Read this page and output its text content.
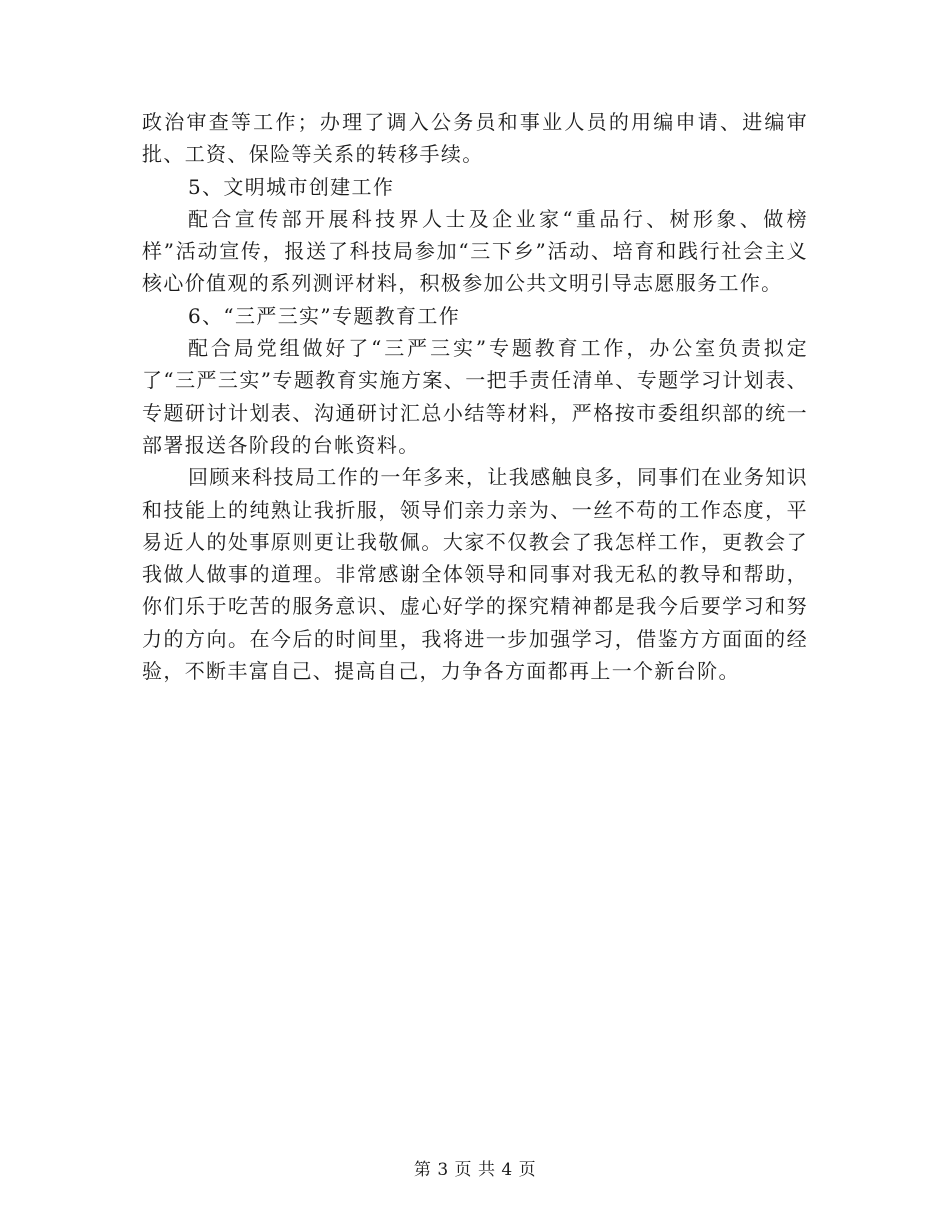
政治审查等工作；办理了调入公务员和事业人员的用编申请、进编审批、工资、保险等关系的转移手续。

5、文明城市创建工作

配合宣传部开展科技界人士及企业家“重品行、树形象、做榜样”活动宣传，报送了科技局参加“三下乡”活动、培育和践行社会主义核心价值观的系列测评材料，积极参加公共文明引导志愿服务工作。

6、“三严三实”专题教育工作

配合局党组做好了“三严三实”专题教育工作，办公室负责拟定了“三严三实”专题教育实施方案、一把手责任清单、专题学习计划表、专题研讨计划表、沟通研讨汇总小结等材料，严格按市委组织部的统一部署报送各阶段的台帐资料。

回顾来科技局工作的一年多来，让我感触良多，同事们在业务知识和技能上的纯熟让我折服，领导们亲力亲为、一丝不苟的工作态度，平易近人的处事原则更让我敬佩。大家不仅教会了我怎样工作，更教会了我做人做事的道理。非常感谢全体领导和同事对我无私的教导和帮助，你们乐于吃苦的服务意识、虚心好学的探究精神都是我今后要学习和努力的方向。在今后的时间里，我将进一步加强学习，借鉴方方面面的经验，不断丰富自己、提高自己，力争各方面都再上一个新台阶。

第 3 页 共 4 页
